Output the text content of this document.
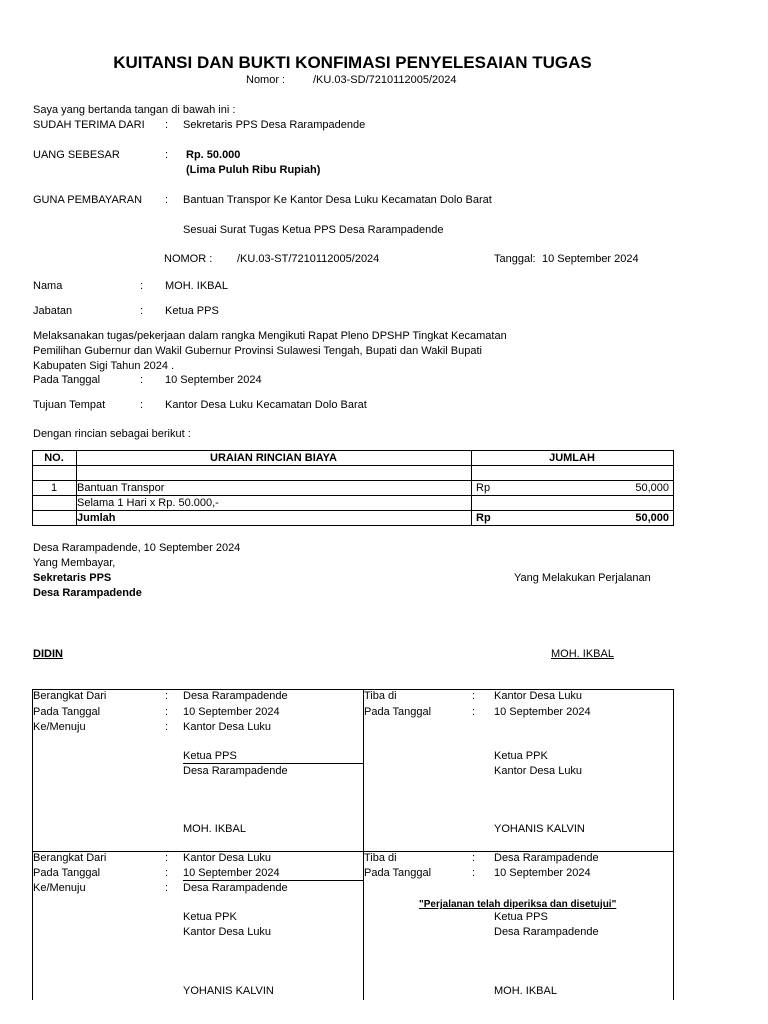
KUITANSI DAN BUKTI KONFIMASI PENYELESAIAN TUGAS
Nomor :	/KU.03-SD/7210112005/2024
Saya yang bertanda tangan di bawah ini :
SUDAH TERIMA DARI : Sekretaris PPS Desa Rarampadende
UANG SEBESAR	: Rp. 50.000
(Lima Puluh Ribu Rupiah)
GUNA PEMBAYARAN : Bantuan Transpor Ke Kantor Desa Luku Kecamatan Dolo Barat
Sesuai Surat Tugas Ketua PPS Desa Rarampadende
NOMOR : /KU.03-ST/7210112005/2024	Tanggal: 10 September 2024
Nama	: MOH. IKBAL
Jabatan	: Ketua PPS
Melaksanakan tugas/pekerjaan dalam rangka Mengikuti Rapat Pleno DPSHP Tingkat Kecamatan
Pemilihan Gubernur dan Wakil Gubernur Provinsi Sulawesi Tengah, Bupati dan Wakil Bupati
Kabupaten Sigi Tahun 2024 .
Pada Tanggal	: 10 September 2024
Tujuan Tempat	: Kantor Desa Luku Kecamatan Dolo Barat
Dengan rincian sebagai berikut :
NO.	URAIAN RINCIAN BIAYA	JUMLAH
1	Bantuan Transpor	Rp	50,000
Selama 1 Hari x Rp. 50.000,-
Jumlah	Rp	50,000
Desa Rarampadende, 10 September 2024
Yang Membayar,
Sekretaris PPS	Yang Melakukan Perjalanan
Desa Rarampadende
DIDIN	MOH. IKBAL
Berangkat Dari	: Desa Rarampadende
Pada Tanggal	: 10 September 2024
Ke/Menuju	: Kantor Desa Luku
Ketua PPS
Desa Rarampadende
MOH. IKBAL
Tiba di	: Kantor Desa Luku
Pada Tanggal	: 10 September 2024
Ketua PPK
Kantor Desa Luku
YOHANIS KALVIN
Berangkat Dari	: Kantor Desa Luku
Pada Tanggal	: 10 September 2024
Ke/Menuju	: Desa Rarampadende
Ketua PPK
Kantor Desa Luku
YOHANIS KALVIN
Tiba di	: Desa Rarampadende
Pada Tanggal	: 10 September 2024
"Perjalanan telah diperiksa dan disetujui"
Ketua PPS
Desa Rarampadende
MOH. IKBAL
